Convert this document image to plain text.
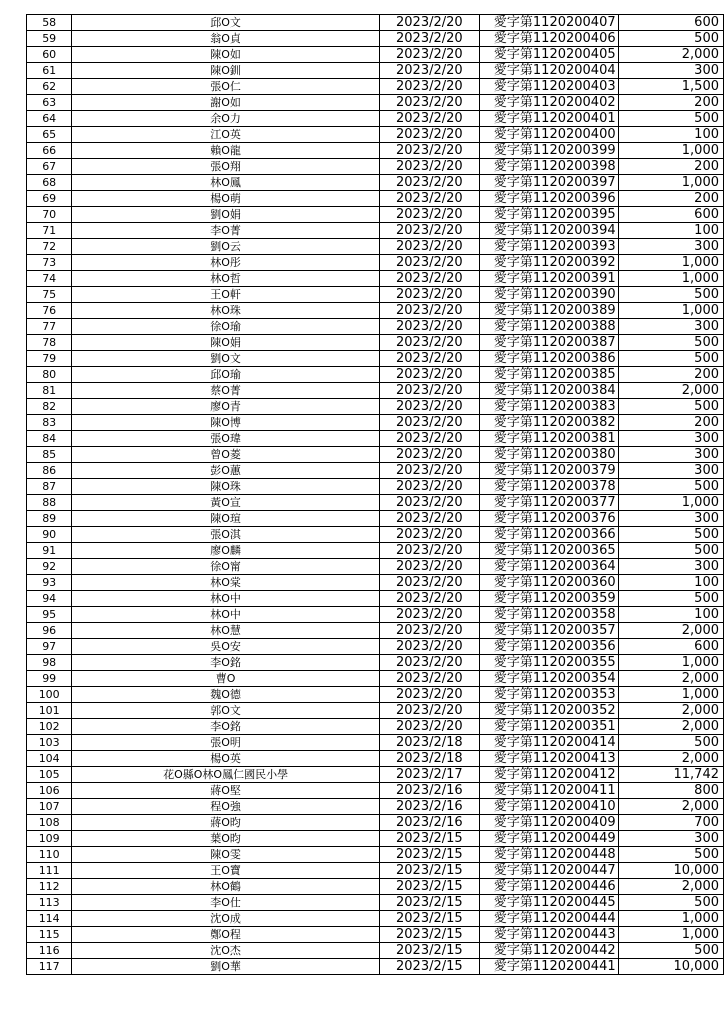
58	邱O文	2023/2/20	愛字第1120200407	600
59	翁O貞	2023/2/20	愛字第1120200406	500
60	陳O如	2023/2/20	愛字第1120200405	2,000
61	陳O釧	2023/2/20	愛字第1120200404	300
62	張O仁	2023/2/20	愛字第1120200403	1,500
63	謝O如	2023/2/20	愛字第1120200402	200
64	余O力	2023/2/20	愛字第1120200401	500
65	江O英	2023/2/20	愛字第1120200400	100
66	賴O龍	2023/2/20	愛字第1120200399	1,000
67	張O翔	2023/2/20	愛字第1120200398	200
68	林O鳳	2023/2/20	愛字第1120200397	1,000
69	楊O萌	2023/2/20	愛字第1120200396	200
70	劉O娟	2023/2/20	愛字第1120200395	600
71	李O菁	2023/2/20	愛字第1120200394	100
72	劉O云	2023/2/20	愛字第1120200393	300
73	林O彤	2023/2/20	愛字第1120200392	1,000
74	林O哲	2023/2/20	愛字第1120200391	1,000
75	王O軒	2023/2/20	愛字第1120200390	500
76	林O珠	2023/2/20	愛字第1120200389	1,000
77	徐O瑜	2023/2/20	愛字第1120200388	300
78	陳O娟	2023/2/20	愛字第1120200387	500
79	劉O文	2023/2/20	愛字第1120200386	500
80	邱O瑜	2023/2/20	愛字第1120200385	200
81	蔡O菁	2023/2/20	愛字第1120200384	2,000
82	廖O青	2023/2/20	愛字第1120200383	500
83	陳O博	2023/2/20	愛字第1120200382	200
84	張O瑋	2023/2/20	愛字第1120200381	300
85	曾O菱	2023/2/20	愛字第1120200380	300
86	彭O蕙	2023/2/20	愛字第1120200379	300
87	陳O珠	2023/2/20	愛字第1120200378	500
88	黃O宣	2023/2/20	愛字第1120200377	1,000
89	陳O瑄	2023/2/20	愛字第1120200376	300
90	張O淇	2023/2/20	愛字第1120200366	500
91	廖O麟	2023/2/20	愛字第1120200365	500
92	徐O甯	2023/2/20	愛字第1120200364	300
93	林O棠	2023/2/20	愛字第1120200360	100
94	林O中	2023/2/20	愛字第1120200359	500
95	林O中	2023/2/20	愛字第1120200358	100
96	林O慧	2023/2/20	愛字第1120200357	2,000
97	吳O安	2023/2/20	愛字第1120200356	600
98	李O銘	2023/2/20	愛字第1120200355	1,000
99	曹O	2023/2/20	愛字第1120200354	2,000
100	魏O德	2023/2/20	愛字第1120200353	1,000
101	郭O文	2023/2/20	愛字第1120200352	2,000
102	李O銘	2023/2/20	愛字第1120200351	2,000
103	張O明	2023/2/18	愛字第1120200414	500
104	楊O英	2023/2/18	愛字第1120200413	2,000
105	花O縣O林O鳳仁國民小學	2023/2/17	愛字第1120200412	11,742
106	蔣O堅	2023/2/16	愛字第1120200411	800
107	程O強	2023/2/16	愛字第1120200410	2,000
108	蔣O昀	2023/2/16	愛字第1120200409	700
109	葉O昀	2023/2/15	愛字第1120200449	300
110	陳O雯	2023/2/15	愛字第1120200448	500
111	王O寶	2023/2/15	愛字第1120200447	10,000
112	林O鶴	2023/2/15	愛字第1120200446	2,000
113	李O仕	2023/2/15	愛字第1120200445	500
114	沈O成	2023/2/15	愛字第1120200444	1,000
115	鄭O程	2023/2/15	愛字第1120200443	1,000
116	沈O杰	2023/2/15	愛字第1120200442	500
117	劉O華	2023/2/15	愛字第1120200441	10,000
